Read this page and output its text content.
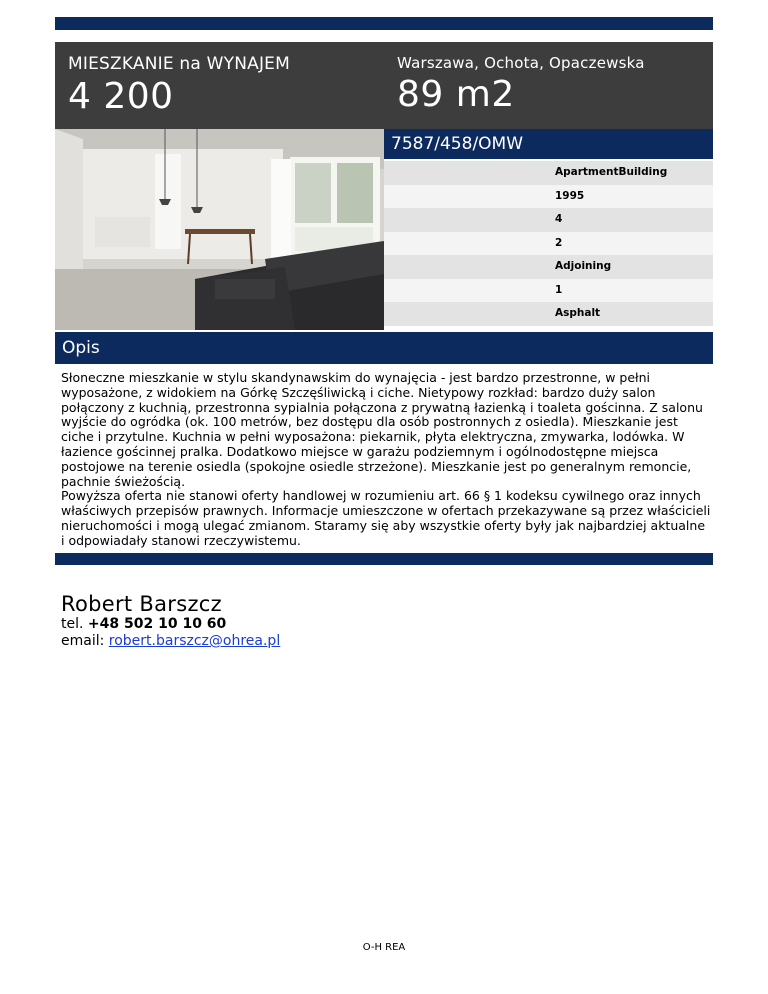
MIESZKANIE na WYNAJEM
4 200
Warszawa, Ochota, Opaczewska
89 m2
7587/458/OMW
ApartmentBuilding
1995
4
2
Adjoining
1
Asphalt
Opis

Słoneczne mieszkanie w stylu skandynawskim do wynajęcia - jest bardzo przestronne, w pełni wyposażone, z widokiem na Górkę Szczęśliwicką i ciche. Nietypowy rozkład: bardzo duży salon połączony z kuchnią, przestronna sypialnia połączona z prywatną łazienką i toaleta gościnna. Z salonu wyjście do ogródka (ok. 100 metrów, bez dostępu dla osób postronnych z osiedla). Mieszkanie jest ciche i przytulne. Kuchnia w pełni wyposażona: piekarnik, płyta elektryczna, zmywarka, lodówka. W łazience gościnnej pralka. Dodatkowo miejsce w garażu podziemnym i ogólnodostępne miejsca postojowe na terenie osiedla (spokojne osiedle strzeżone). Mieszkanie jest po generalnym remoncie, pachnie świeżością.

Powyższa oferta nie stanowi oferty handlowej w rozumieniu art. 66 § 1 kodeksu cywilnego oraz innych właściwych przepisów prawnych. Informacje umieszczone w ofertach przekazywane są przez właścicieli nieruchomości i mogą ulegać zmianom. Staramy się aby wszystkie oferty były jak najbardziej aktualne i odpowiadały stanowi rzeczywistemu.

Robert Barszcz
tel. +48 502 10 10 60
email: robert.barszcz@ohrea.pl
O-H REA
